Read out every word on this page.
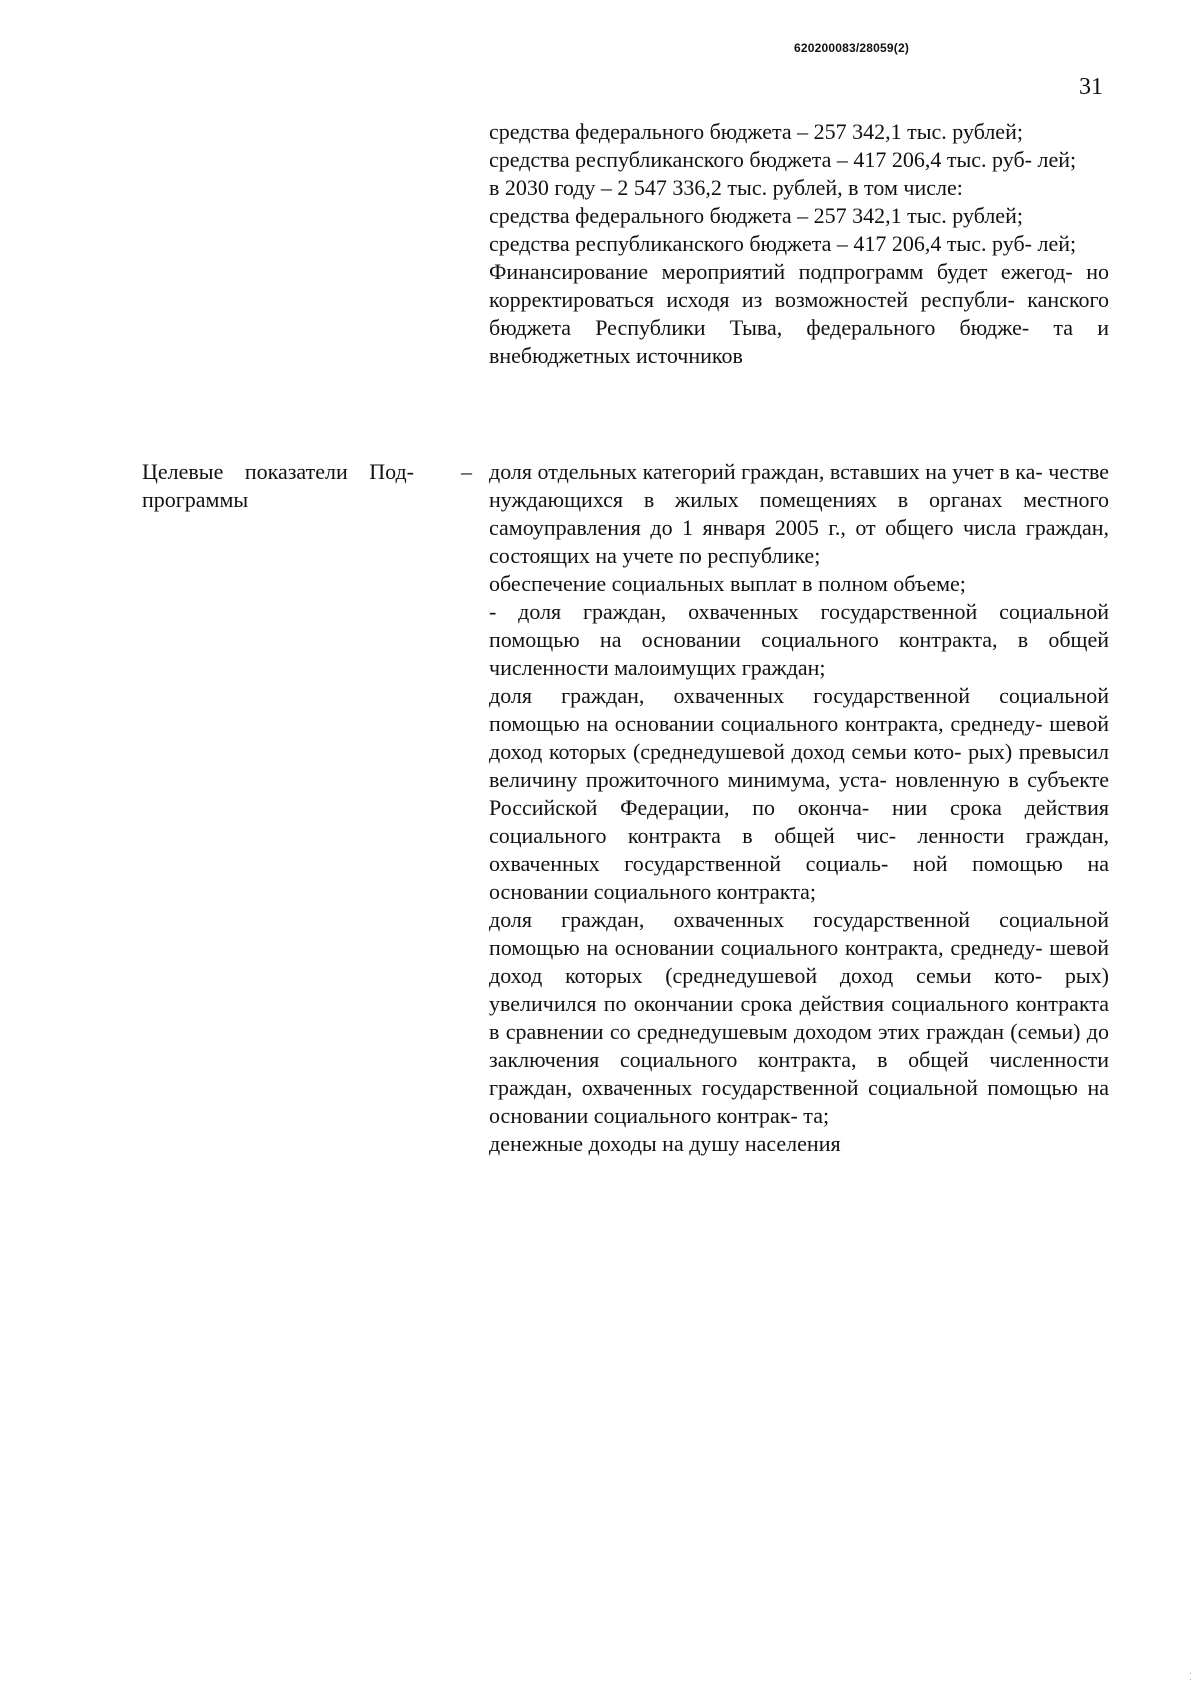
620200083/28059(2)
31

средства федерального бюджета – 257 342,1 тыс. рублей;

средства республиканского бюджета – 417 206,4 тыс. руб- лей;

в 2030 году – 2 547 336,2 тыс. рублей, в том числе:

средства федерального бюджета – 257 342,1 тыс. рублей;

средства республиканского бюджета – 417 206,4 тыс. руб- лей;

Финансирование мероприятий подпрограмм будет ежегод- но корректироваться исходя из возможностей республи- канского бюджета Республики Тыва, федерального бюдже- та и внебюджетных источников

Целевые показатели Под- программы
– доля отдельных категорий граждан, вставших на учет в ка- честве нуждающихся в жилых помещениях в органах местного самоуправления до 1 января 2005 г., от общего числа граждан, состоящих на учете по республике;

обеспечение социальных выплат в полном объеме;

- доля граждан, охваченных государственной социальной помощью на основании социального контракта, в общей численности малоимущих граждан;

доля граждан, охваченных государственной социальной помощью на основании социального контракта, среднеду- шевой доход которых (среднедушевой доход семьи кото- рых) превысил величину прожиточного минимума, уста- новленную в субъекте Российской Федерации, по оконча- нии срока действия социального контракта в общей чис- ленности граждан, охваченных государственной социаль- ной помощью на основании социального контракта;

доля граждан, охваченных государственной социальной помощью на основании социального контракта, среднеду- шевой доход которых (среднедушевой доход семьи кото- рых) увеличился по окончании срока действия социального контракта в сравнении со среднедушевым доходом этих граждан (семьи) до заключения социального контракта, в общей численности граждан, охваченных государственной социальной помощью на основании социального контрак- та;

денежные доходы на душу населения

⁚
